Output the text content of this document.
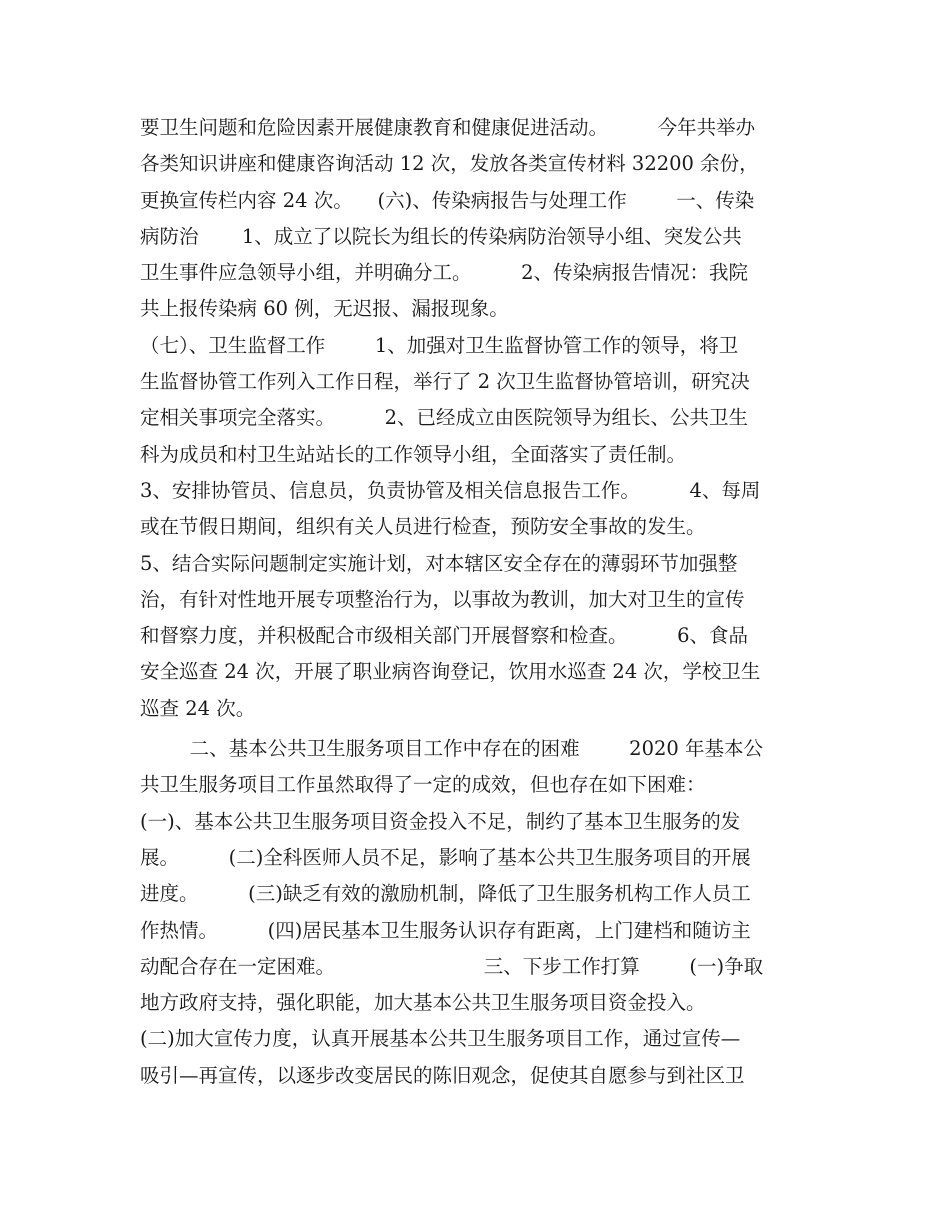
要卫生问题和危险因素开展健康教育和健康促进活动。        今年共举办
各类知识讲座和健康咨询活动 12 次，发放各类宣传材料 32200 余份，
更换宣传栏内容 24 次。    (六)、传染病报告与处理工作        一、传染
病防治       1、成立了以院长为组长的传染病防治领导小组、突发公共
卫生事件应急领导小组，并明确分工。        2、传染病报告情况：我院
共上报传染病 60 例，无迟报、漏报现象。
（七）、卫生监督工作        1、加强对卫生监督协管工作的领导，将卫
生监督协管工作列入工作日程，举行了 2 次卫生监督协管培训，研究决
定相关事项完全落实。        2、已经成立由医院领导为组长、公共卫生
科为成员和村卫生站站长的工作领导小组，全面落实了责任制。
3、安排协管员、信息员，负责协管及相关信息报告工作。        4、每周
或在节假日期间，组织有关人员进行检查，预防安全事故的发生。
5、结合实际问题制定实施计划，对本辖区安全存在的薄弱环节加强整
治，有针对性地开展专项整治行为，以事故为教训，加大对卫生的宣传
和督察力度，并积极配合市级相关部门开展督察和检查。        6、食品
安全巡查 24 次，开展了职业病咨询登记，饮用水巡查 24 次，学校卫生
巡查 24 次。
二、基本公共卫生服务项目工作中存在的困难        2020 年基本公
共卫生服务项目工作虽然取得了一定的成效，但也存在如下困难：
(一)、基本公共卫生服务项目资金投入不足，制约了基本卫生服务的发
展。        (二)全科医师人员不足，影响了基本公共卫生服务项目的开展
进度。        (三)缺乏有效的激励机制，降低了卫生服务机构工作人员工
作热情。        (四)居民基本卫生服务认识存有距离，上门建档和随访主
动配合存在一定困难。                        三、下步工作打算        (一)争取
地方政府支持，强化职能，加大基本公共卫生服务项目资金投入。
(二)加大宣传力度，认真开展基本公共卫生服务项目工作，通过宣传—
吸引—再宣传，以逐步改变居民的陈旧观念，促使其自愿参与到社区卫
